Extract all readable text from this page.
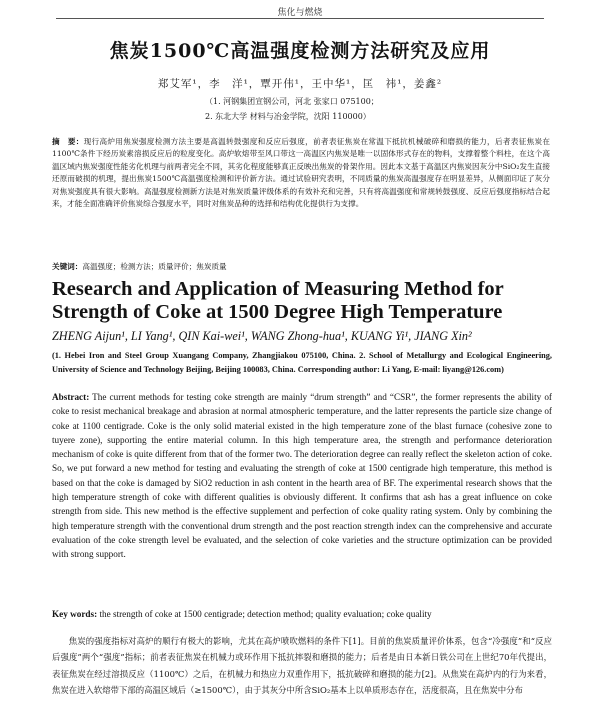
焦化与燃烧
焦炭1500℃高温强度检测方法研究及应用
郑艾军¹，李　洋¹，覃开伟¹，王中华¹，匡　祎¹，姜鑫²
（1. 河钢集团宣钢公司，河北 张家口 075100；
2. 东北大学 材料与冶金学院，沈阳 110000）

摘　要：现行高炉用焦炭强度检测方法主要是高温转鼓强度和反应后强度，前者表征焦炭在常温下抵抗机械破碎和磨损的能力，后者表征焦炭在1100℃条件下经历炭素溶损反应后的粒度变化。高炉软熔带至风口带这一高温区内焦炭是唯一以固体形式存在的物料，支撑着整个料柱，在这个高温区域内焦炭强度性能劣化机理与前两者完全不同，其劣化程度能够真正反映出焦炭的骨架作用。因此本文基于高温区内焦炭因灰分中SiO₂发生直接还原而破损的机理，提出焦炭1500℃高温强度检测和评价新方法。通过试验研究表明，不同质量的焦炭高温强度存在明显差异，从侧面印证了灰分对焦炭强度具有很大影响。高温强度检测新方法是对焦炭质量评级体系的有效补充和完善，只有将高温强度和常规转鼓强度、反应后强度指标结合起来，才能全面准确评价焦炭综合强度水平，同时对焦炭品种的选择和结构优化提供行为支撑。

关键词：高温强度；检测方法；质量评价；焦炭质量

Research and Application of Measuring Method for Strength of Coke at 1500 Degree High Temperature
ZHENG Aijun¹, LI Yang¹, QIN Kai-wei¹, WANG Zhong-hua¹, KUANG Yi¹, JIANG Xin²

(1. Hebei Iron and Steel Group Xuangang Company, Zhangjiakou 075100, China. 2. School of Metallurgy and Ecological Engineering, University of Science and Technology Beijing, Beijing 100083, China. Corresponding author: Li Yang, E-mail: liyang@126.com)

Abstract: The current methods for testing coke strength are mainly “drum strength” and “CSR”, the former represents the ability of coke to resist mechanical breakage and abrasion at normal atmospheric temperature, and the latter represents the particle size change of coke at 1100 centigrade. Coke is the only solid material existed in the high temperature zone of the blast furnace (cohesive zone to tuyere zone), supporting the entire material column. In this high temperature area, the strength and performance deterioration mechanism of coke is quite different from that of the former two. The deterioration degree can really reflect the skeleton action of coke. So, we put forward a new method for testing and evaluating the strength of coke at 1500 centigrade high temperature, this method is based on that the coke is damaged by SiO2 reduction in ash content in the hearth area of BF. The experimental research shows that the high temperature strength of coke with different qualities is obviously different. It confirms that ash has a great influence on coke strength from side. This new method is the effective supplement and perfection of coke quality rating system. Only by combining the high temperature strength with the conventional drum strength and the post reaction strength index can the comprehensive and accurate evaluation of the coke strength level be evaluated, and the selection of coke varieties and the structure optimization can be provided with strong support.

Key words: the strength of coke at 1500 centigrade; detection method; quality evaluation; coke quality

焦炭的强度指标对高炉的顺行有极大的影响，尤其在高炉喷吹燃料的条件下[1]。目前的焦炭质量评价体系，包含“冷强度”和“反应后强度”两个“强度”指标；前者表征焦炭在机械力或环作用下抵抗摔裂和磨损的能力；后者是由日本新日铁公司在上世纪70年代提出，表征焦炭在经过溶损反应（1100℃）之后，在机械力和热应力双重作用下，抵抗破碎和磨损的能力[2]。从焦炭在高炉内的行为来看，焦炭在进入软熔带下部的高温区域后（≥1500℃），由于其灰分中所含SiO₂基本上以单质形态存在，活度很高，且在焦炭中分布
